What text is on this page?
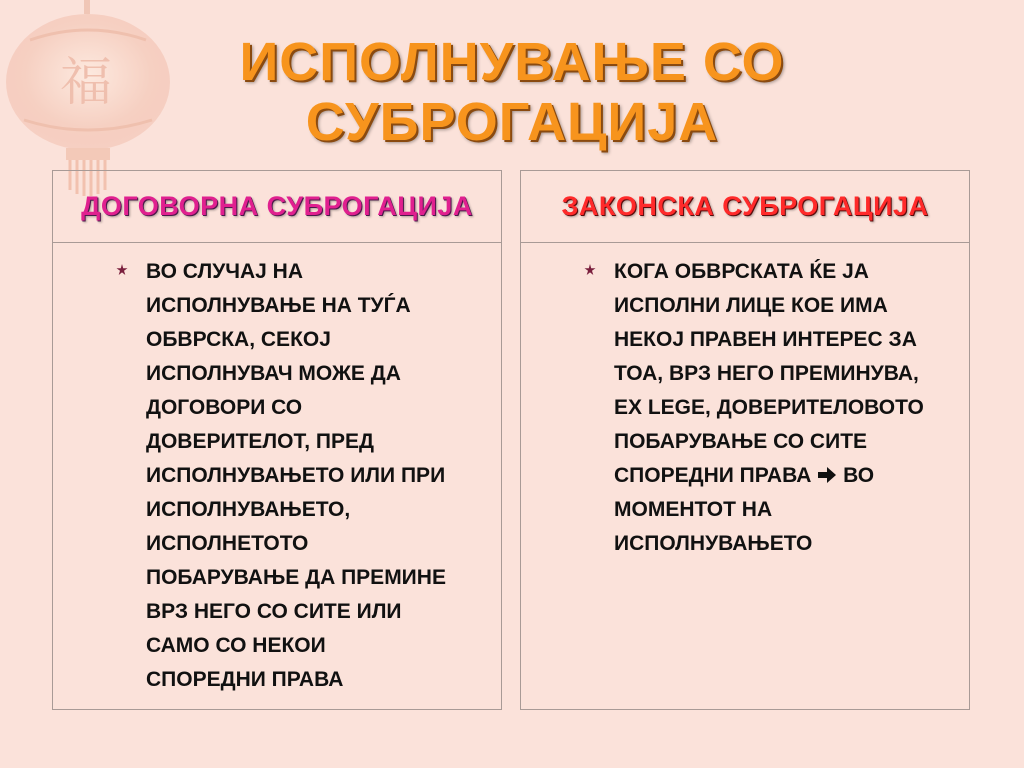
福	ИСПОЛНУВАЊЕ СО
СУБРОГАЦИЈА
ДОГОВОРНА СУБРОГАЦИЈА
ВО СЛУЧАЈ НА
ИСПОЛНУВАЊЕ НА ТУЃА
ОБВРСКА, СЕКОЈ
ИСПОЛНУВАЧ МОЖЕ ДА
ДОГОВОРИ СО
ДОВЕРИТЕЛОТ, ПРЕД
ИСПОЛНУВАЊЕТО ИЛИ ПРИ
ИСПОЛНУВАЊЕТО,
ИСПОЛНЕТОТО
ПОБАРУВАЊЕ ДА ПРЕМИНЕ
ВРЗ НЕГО СО СИТЕ ИЛИ
САМО СО НЕКОИ
СПОРЕДНИ ПРАВА
ЗАКОНСКА СУБРОГАЦИЈА
КОГА ОБВРСКАТА ЌЕ ЈА
ИСПОЛНИ ЛИЦЕ КОЕ ИМА
НЕКОЈ ПРАВЕН ИНТЕРЕС ЗА
ТОА, ВРЗ НЕГО ПРЕМИНУВА,
EX LEGE, ДОВЕРИТЕЛОВОТО
ПОБАРУВАЊЕ СО СИТЕ
СПОРЕДНИ ПРАВА ВО
МОМЕНТОТ НА
ИСПОЛНУВАЊЕТО
